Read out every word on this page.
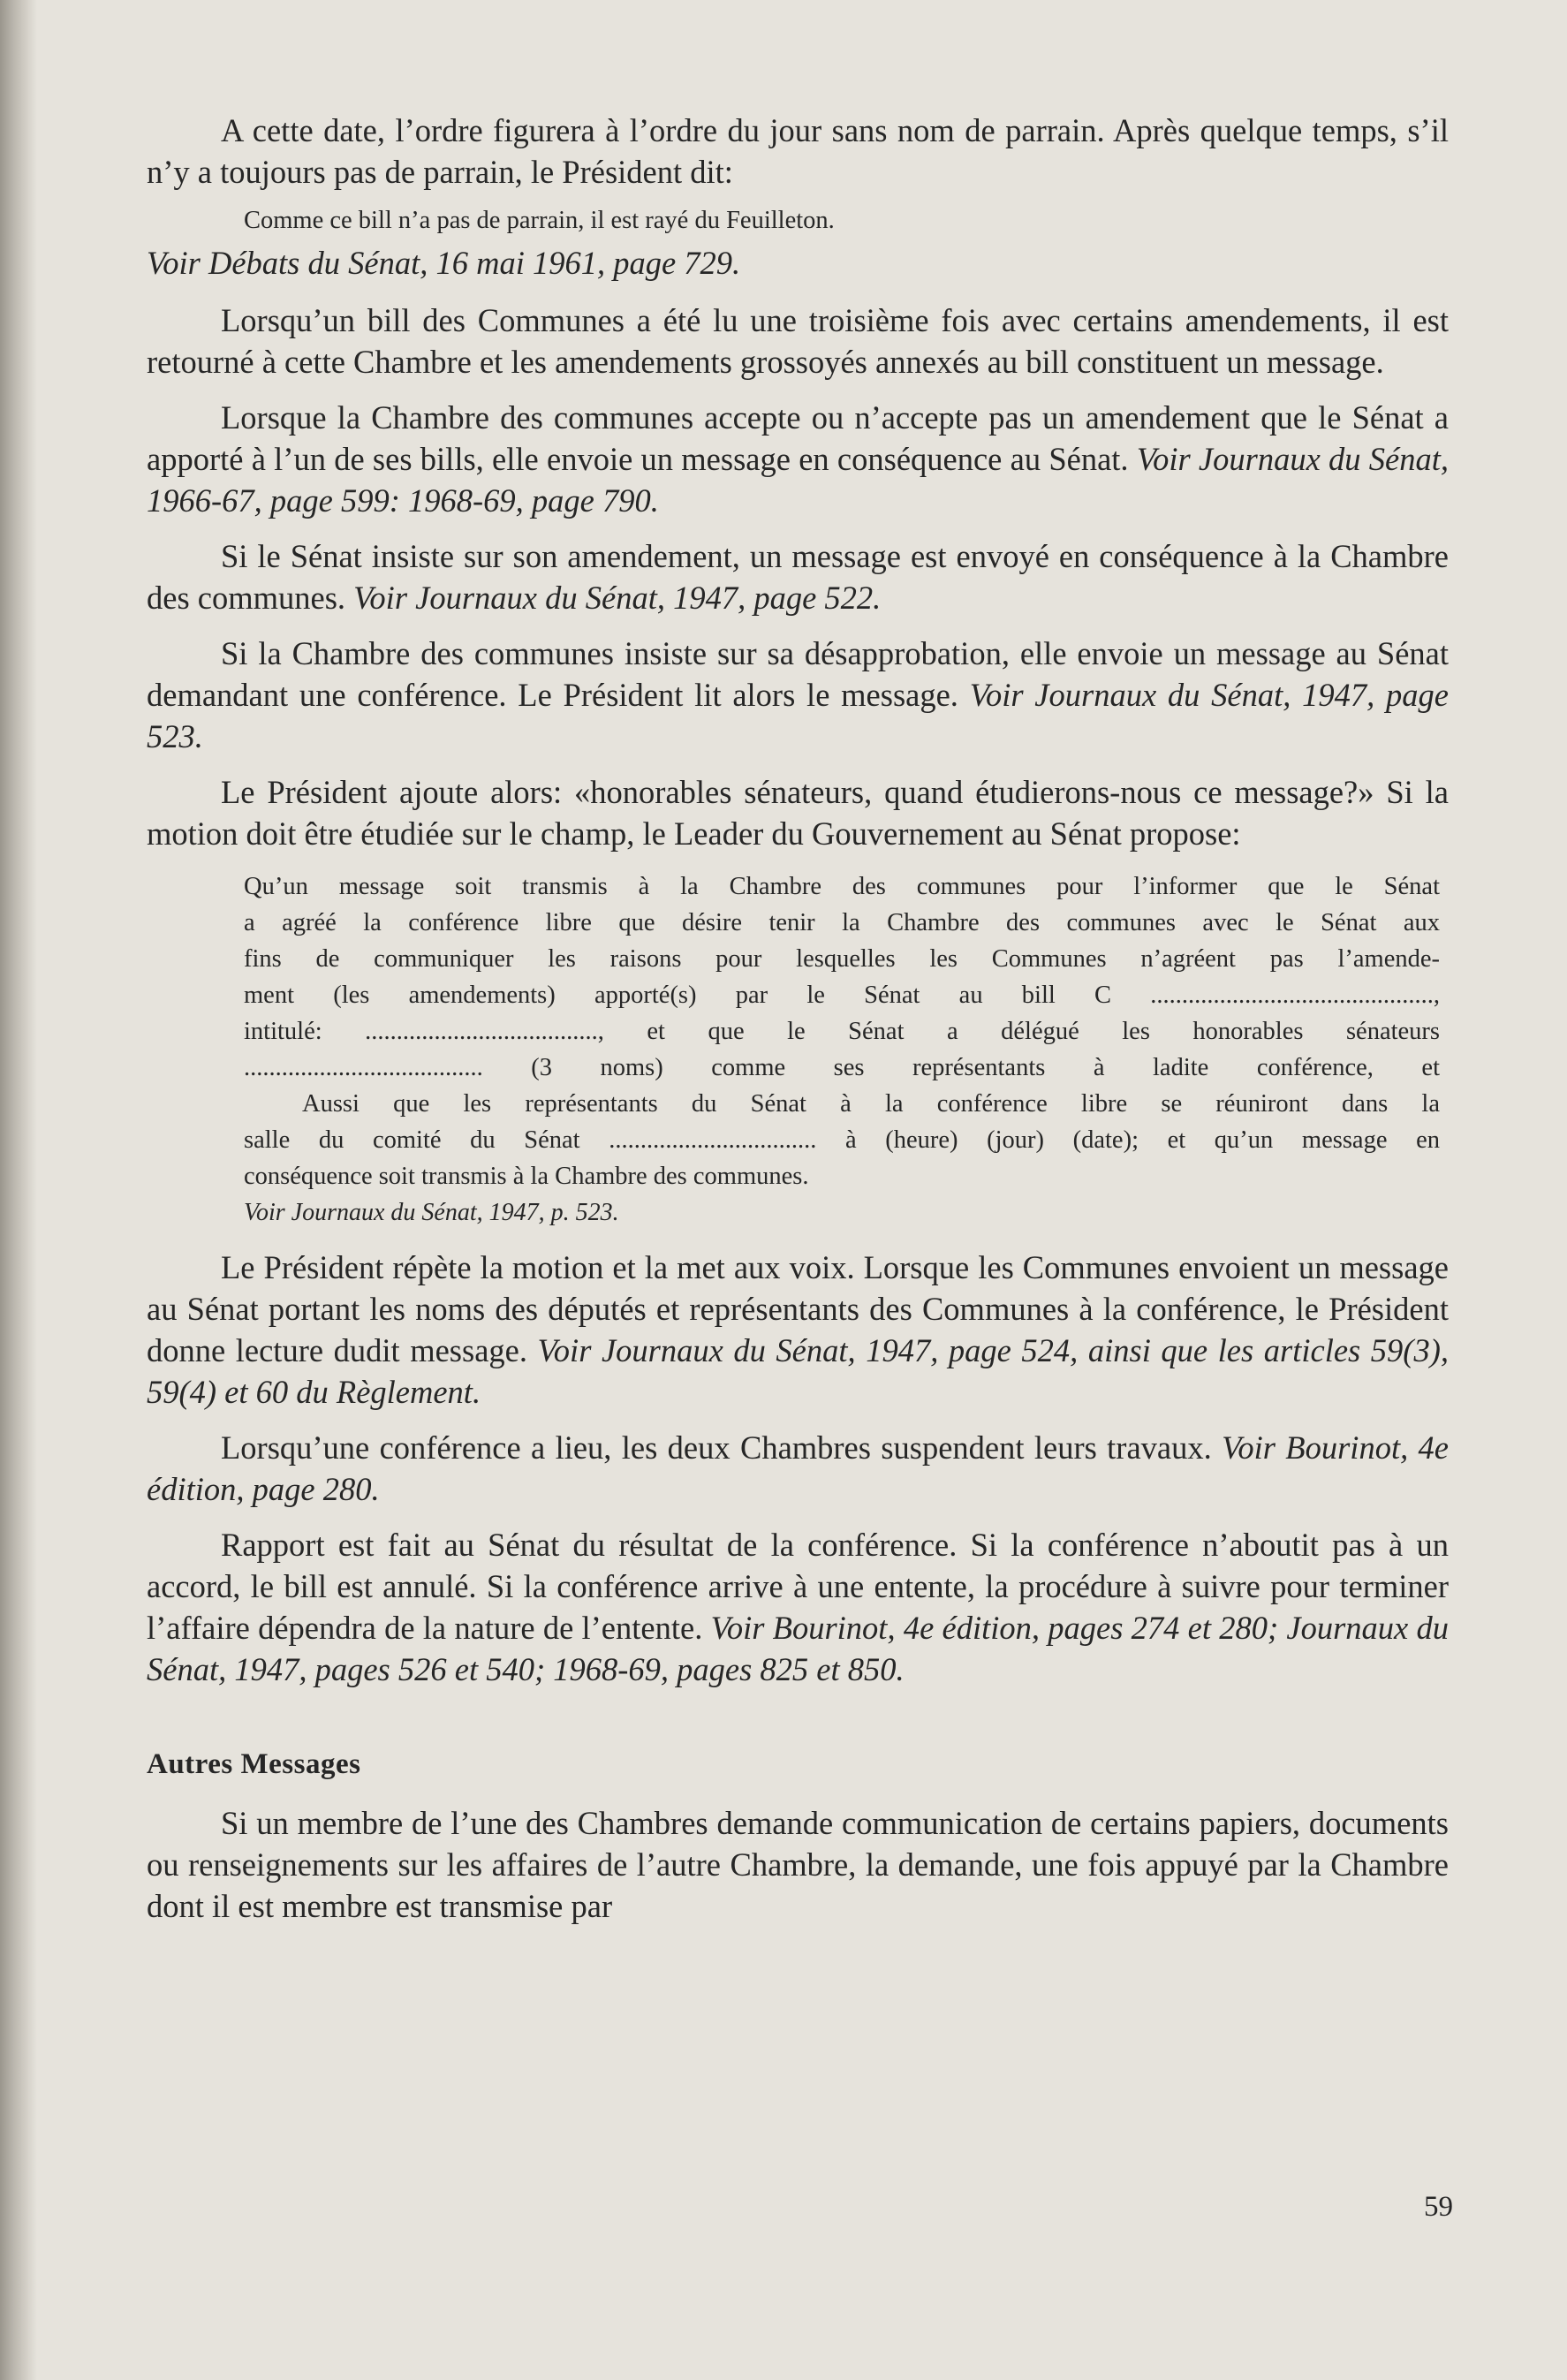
A cette date, l’ordre figurera à l’ordre du jour sans nom de parrain. Après quelque temps, s’il n’y a toujours pas de parrain, le Président dit:

Comme ce bill n’a pas de parrain, il est rayé du Feuilleton.

Voir Débats du Sénat, 16 mai 1961, page 729.

Lorsqu’un bill des Communes a été lu une troisième fois avec certains amendements, il est retourné à cette Chambre et les amendements grossoyés annexés au bill constituent un message.

Lorsque la Chambre des communes accepte ou n’accepte pas un amendement que le Sénat a apporté à l’un de ses bills, elle envoie un message en conséquence au Sénat. Voir Journaux du Sénat, 1966-67, page 599: 1968-69, page 790.

Si le Sénat insiste sur son amendement, un message est envoyé en conséquence à la Chambre des communes. Voir Journaux du Sénat, 1947, page 522.

Si la Chambre des communes insiste sur sa désapprobation, elle envoie un message au Sénat demandant une conférence. Le Président lit alors le message. Voir Journaux du Sénat, 1947, page 523.

Le Président ajoute alors: «honorables sénateurs, quand étudierons-nous ce message?» Si la motion doit être étudiée sur le champ, le Leader du Gouvernement au Sénat propose:

Qu’un message soit transmis à la Chambre des communes pour l’informer que le Sénat

a agréé la conférence libre que désire tenir la Chambre des communes avec le Sénat aux

fins de communiquer les raisons pour lesquelles les Communes n’agréent pas l’amende-

ment (les amendements) apporté(s) par le Sénat au bill C .............................................,

intitulé: ....................................., et que le Sénat a délégué les honorables sénateurs

...................................... (3 noms) comme ses représentants à ladite conférence, et

Aussi que les représentants du Sénat à la conférence libre se réuniront dans la

salle du comité du Sénat ................................. à (heure) (jour) (date); et qu’un message en

conséquence soit transmis à la Chambre des communes.

Voir Journaux du Sénat, 1947, p. 523.

Le Président répète la motion et la met aux voix. Lorsque les Communes envoient un message au Sénat portant les noms des députés et représentants des Communes à la conférence, le Président donne lecture dudit message. Voir Journaux du Sénat, 1947, page 524, ainsi que les articles 59(3), 59(4) et 60 du Règlement.

Lorsqu’une conférence a lieu, les deux Chambres suspendent leurs travaux. Voir Bourinot, 4e édition, page 280.

Rapport est fait au Sénat du résultat de la conférence. Si la conférence n’aboutit pas à un accord, le bill est annulé. Si la conférence arrive à une entente, la procédure à suivre pour terminer l’affaire dépendra de la nature de l’entente. Voir Bourinot, 4e édition, pages 274 et 280; Journaux du Sénat, 1947, pages 526 et 540; 1968-69, pages 825 et 850.

Autres Messages

Si un membre de l’une des Chambres demande communication de certains papiers, documents ou renseignements sur les affaires de l’autre Chambre, la demande, une fois appuyé par la Chambre dont il est membre est transmise par

59
